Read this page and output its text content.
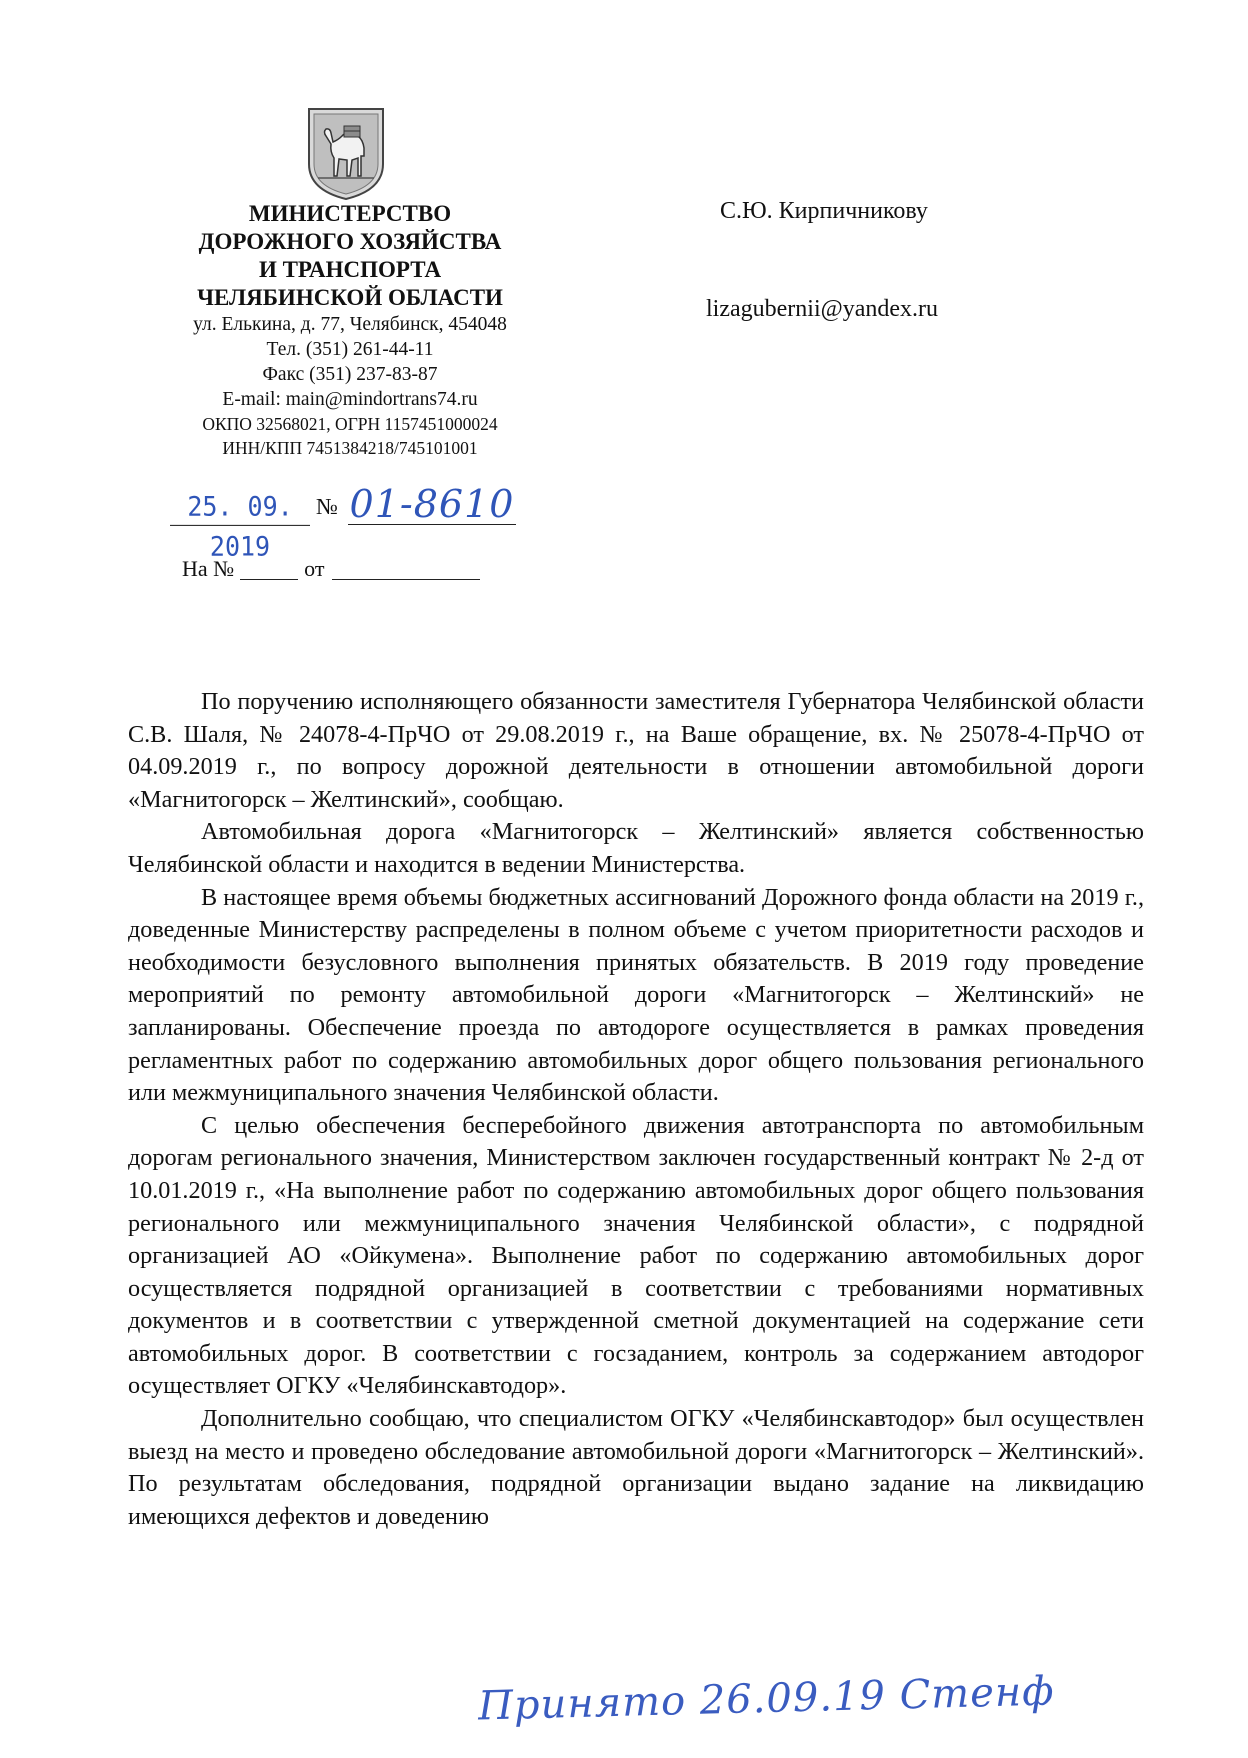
МИНИСТЕРСТВО
ДОРОЖНОГО ХОЗЯЙСТВА
И ТРАНСПОРТА
ЧЕЛЯБИНСКОЙ ОБЛАСТИ
ул. Елькина, д. 77, Челябинск, 454048
Тел. (351) 261-44-11
Факс (351) 237-83-87
E-mail: main@mindortrans74.ru
ОКПО 32568021, ОГРН 1157451000024
ИНН/КПП 7451384218/745101001
25. 09. 2019
№ 01-8610
На №	от
С.Ю. Кирпичникову
lizagubernii@yandex.ru

По поручению исполняющего обязанности заместителя Губернатора Челябинской области С.В. Шаля, № 24078-4-ПрЧО от 29.08.2019 г., на Ваше обращение, вх. № 25078-4-ПрЧО от 04.09.2019 г., по вопросу дорожной деятельности в отношении автомобильной дороги «Магнитогорск – Желтинский», сообщаю.

Автомобильная дорога «Магнитогорск – Желтинский» является собственностью Челябинской области и находится в ведении Министерства.

В настоящее время объемы бюджетных ассигнований Дорожного фонда области на 2019 г., доведенные Министерству распределены в полном объеме с учетом приоритетности расходов и необходимости безусловного выполнения принятых обязательств. В 2019 году проведение мероприятий по ремонту автомобильной дороги «Магнитогорск – Желтинский» не запланированы. Обеспечение проезда по автодороге осуществляется в рамках проведения регламентных работ по содержанию автомобильных дорог общего пользования регионального или межмуниципального значения Челябинской области.

С целью обеспечения бесперебойного движения автотранспорта по автомобильным дорогам регионального значения, Министерством заключен государственный контракт № 2-д от 10.01.2019 г., «На выполнение работ по содержанию автомобильных дорог общего пользования регионального или межмуниципального значения Челябинской области», с подрядной организацией АО «Ойкумена». Выполнение работ по содержанию автомобильных дорог осуществляется подрядной организацией в соответствии с требованиями нормативных документов и в соответствии с утвержденной сметной документацией на содержание сети автомобильных дорог. В соответствии с госзаданием, контроль за содержанием автодорог осуществляет ОГКУ «Челябинскавтодор».

Дополнительно сообщаю, что специалистом ОГКУ «Челябинскавтодор» был осуществлен выезд на место и проведено обследование автомобильной дороги «Магнитогорск – Желтинский». По результатам обследования, подрядной организации выдано задание на ликвидацию имеющихся дефектов и доведению

Принято 26.09.19 Стенф
